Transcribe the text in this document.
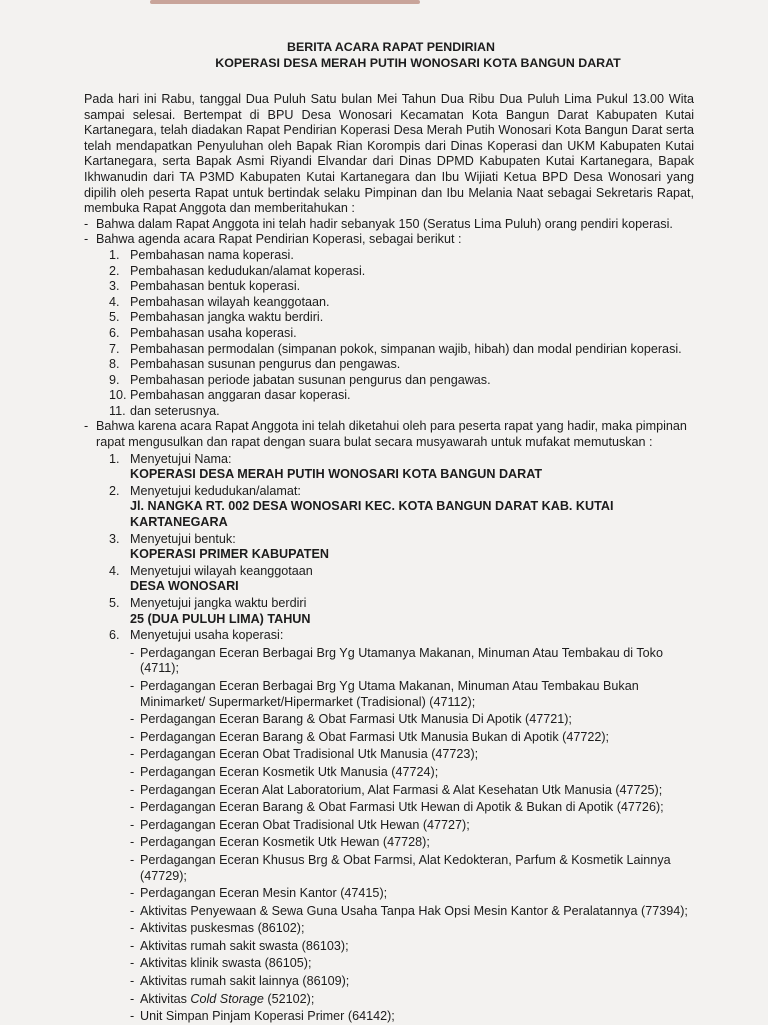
BERITA ACARA RAPAT PENDIRIAN
KOPERASI DESA MERAH PUTIH WONOSARI KOTA BANGUN DARAT
Pada hari ini Rabu, tanggal Dua Puluh Satu bulan Mei Tahun Dua Ribu Dua Puluh Lima Pukul 13.00 Wita sampai selesai. Bertempat di BPU Desa Wonosari Kecamatan Kota Bangun Darat Kabupaten Kutai Kartanegara, telah diadakan Rapat Pendirian Koperasi Desa Merah Putih Wonosari Kota Bangun Darat serta telah mendapatkan Penyuluhan oleh Bapak Rian Korompis dari Dinas Koperasi dan UKM Kabupaten Kutai Kartanegara, serta Bapak Asmi Riyandi Elvandar dari Dinas DPMD Kabupaten Kutai Kartanegara, Bapak Ikhwanudin dari TA P3MD Kabupaten Kutai Kartanegara dan Ibu Wijiati Ketua BPD Desa Wonosari yang dipilih oleh peserta Rapat untuk bertindak selaku Pimpinan dan Ibu Melania Naat sebagai Sekretaris Rapat, membuka Rapat Anggota dan memberitahukan :
- Bahwa dalam Rapat Anggota ini telah hadir sebanyak 150 (Seratus Lima Puluh) orang pendiri koperasi.
- Bahwa agenda acara Rapat Pendirian Koperasi, sebagai berikut :
1. Pembahasan nama koperasi.
2. Pembahasan kedudukan/alamat koperasi.
3. Pembahasan bentuk koperasi.
4. Pembahasan wilayah keanggotaan.
5. Pembahasan jangka waktu berdiri.
6. Pembahasan usaha koperasi.
7. Pembahasan permodalan (simpanan pokok, simpanan wajib, hibah) dan modal pendirian koperasi.
8. Pembahasan susunan pengurus dan pengawas.
9. Pembahasan periode jabatan susunan pengurus dan pengawas.
10. Pembahasan anggaran dasar koperasi.
11. dan seterusnya.
- Bahwa karena acara Rapat Anggota ini telah diketahui oleh para peserta rapat yang hadir, maka pimpinan rapat mengusulkan dan rapat dengan suara bulat secara musyawarah untuk mufakat memutuskan :
1. Menyetujui Nama:
KOPERASI DESA MERAH PUTIH WONOSARI KOTA BANGUN DARAT
2. Menyetujui kedudukan/alamat:
Jl. NANGKA RT. 002 DESA WONOSARI KEC. KOTA BANGUN DARAT KAB. KUTAI KARTANEGARA
3. Menyetujui bentuk:
KOPERASI PRIMER KABUPATEN
4. Menyetujui wilayah keanggotaan
DESA WONOSARI
5. Menyetujui jangka waktu berdiri
25 (DUA PULUH LIMA) TAHUN
6. Menyetujui usaha koperasi:
- Perdagangan Eceran Berbagai Brg Yg Utamanya Makanan, Minuman Atau Tembakau di Toko (4711);
- Perdagangan Eceran Berbagai Brg Yg Utama Makanan, Minuman Atau Tembakau Bukan Minimarket/ Supermarket/Hipermarket (Tradisional) (47112);
- Perdagangan Eceran Barang & Obat Farmasi Utk Manusia Di Apotik (47721);
- Perdagangan Eceran Barang & Obat Farmasi Utk Manusia Bukan di Apotik (47722);
- Perdagangan Eceran Obat Tradisional Utk Manusia (47723);
- Perdagangan Eceran Kosmetik Utk Manusia (47724);
- Perdagangan Eceran Alat Laboratorium, Alat Farmasi & Alat Kesehatan Utk Manusia (47725);
- Perdagangan Eceran Barang & Obat Farmasi Utk Hewan di Apotik & Bukan di Apotik (47726);
- Perdagangan Eceran Obat Tradisional Utk Hewan (47727);
- Perdagangan Eceran Kosmetik Utk Hewan (47728);
- Perdagangan Eceran Khusus Brg & Obat Farmsi, Alat Kedokteran, Parfum & Kosmetik Lainnya (47729);
- Perdagangan Eceran Mesin Kantor (47415);
- Aktivitas Penyewaan & Sewa Guna Usaha Tanpa Hak Opsi Mesin Kantor & Peralatannya (77394);
- Aktivitas puskesmas (86102);
- Aktivitas rumah sakit swasta (86103);
- Aktivitas klinik swasta (86105);
- Aktivitas rumah sakit lainnya (86109);
- Aktivitas Cold Storage (52102);
- Unit Simpan Pinjam Koperasi Primer (64142);
